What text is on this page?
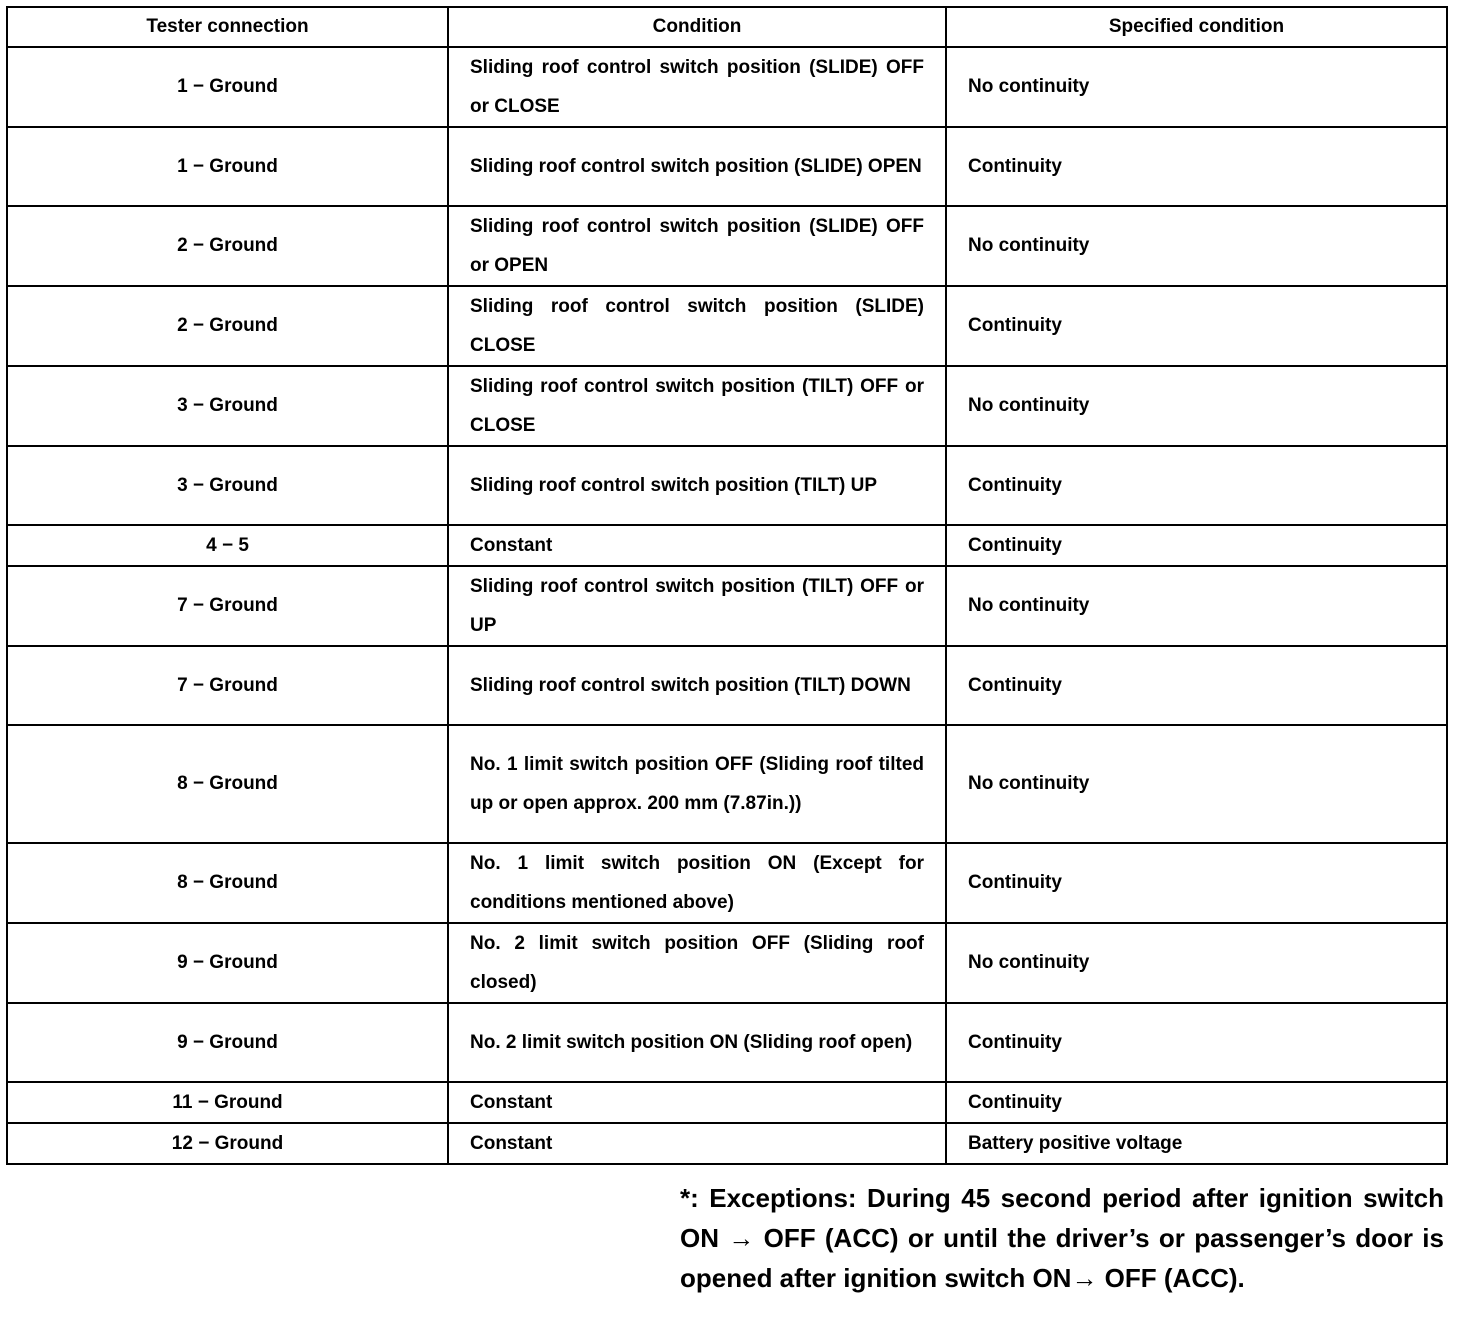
Tester connection	Condition	Specified condition
1 − Ground	Sliding roof control switch position (SLIDE) OFF or CLOSE	No continuity
1 − Ground	Sliding roof control switch position (SLIDE) OPEN	Continuity
2 − Ground	Sliding roof control switch position (SLIDE) OFF or OPEN	No continuity
2 − Ground	Sliding roof control switch position (SLIDE) CLOSE	Continuity
3 − Ground	Sliding roof control switch position (TILT) OFF or CLOSE	No continuity
3 − Ground	Sliding roof control switch position (TILT) UP	Continuity
4 − 5	Constant	Continuity
7 − Ground	Sliding roof control switch position (TILT) OFF or UP	No continuity
7 − Ground	Sliding roof control switch position (TILT) DOWN	Continuity
8 − Ground	No. 1 limit switch position OFF (Sliding roof tilted up or open approx. 200 mm (7.87in.))	No continuity
8 − Ground	No. 1 limit switch position ON (Except for conditions mentioned above)	Continuity
9 − Ground	No. 2 limit switch position OFF (Sliding roof closed)	No continuity
9 − Ground	No. 2 limit switch position ON (Sliding roof open)	Continuity
11 − Ground	Constant	Continuity
12 − Ground	Constant	Battery positive voltage
*: Exceptions: During 45 second period after ignition switch ON → OFF (ACC) or until the driver’s or passenger’s door is opened after ignition switch ON→ OFF (ACC).
